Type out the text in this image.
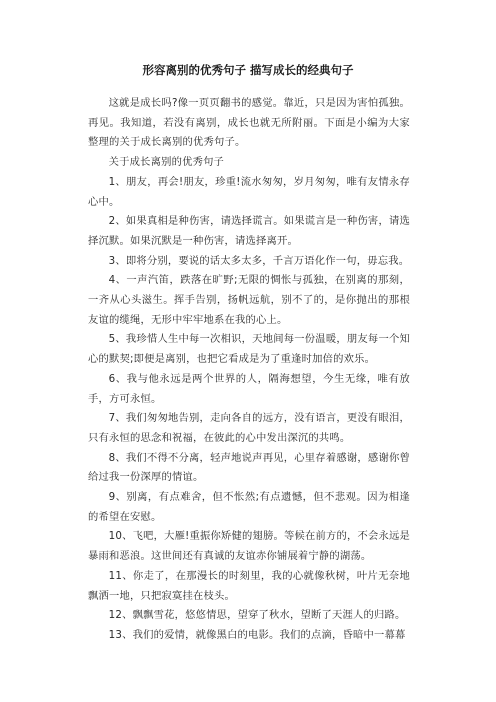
形容离别的优秀句子 描写成长的经典句子

这就是成长吗?像一页页翻书的感觉。靠近，只是因为害怕孤独。再见。我知道，若没有离别，成长也就无所附丽。下面是小编为大家整理的关于成长离别的优秀句子。

关于成长离别的优秀句子

1、朋友，再会!朋友，珍重!流水匆匆，岁月匆匆，唯有友情永存心中。

2、如果真相是种伤害，请选择谎言。如果谎言是一种伤害，请选择沉默。如果沉默是一种伤害，请选择离开。

3、即将分别，要说的话太多太多，千言万语化作一句，毋忘我。

4、一声汽笛，跌落在旷野;无限的惆怅与孤独，在别离的那刻，一齐从心头滋生。挥手告别，扬帆远航，别不了的，是你抛出的那根友谊的缆绳，无形中牢牢地系在我的心上。

5、我珍惜人生中每一次相识，天地间每一份温暖，朋友每一个知心的默契;即便是离别，也把它看成是为了重逢时加倍的欢乐。

6、我与他永远是两个世界的人，隔海想望，今生无缘，唯有放手，方可永恒。

7、我们匆匆地告别，走向各自的远方，没有语言，更没有眼泪，只有永恒的思念和祝福，在彼此的心中发出深沉的共鸣。

8、我们不得不分离，轻声地说声再见，心里存着感谢，感谢你曾给过我一份深厚的情谊。

9、别离，有点难舍，但不怅然;有点遗憾，但不悲观。因为相逢的希望在安慰。

10、飞吧，大雁!重振你矫健的翅膀。等候在前方的，不会永远是暴雨和恶浪。这世间还有真诚的友谊赤你铺展着宁静的湖荡。

11、你走了，在那漫长的时刻里，我的心就像秋树，叶片无奈地飘洒一地，只把寂寞挂在枝头。

12、飘飘雪花，悠悠情思，望穿了秋水，望断了天涯人的归路。

13、我们的爱情，就像黑白的电影。我们的点滴，昏暗中一幕幕
